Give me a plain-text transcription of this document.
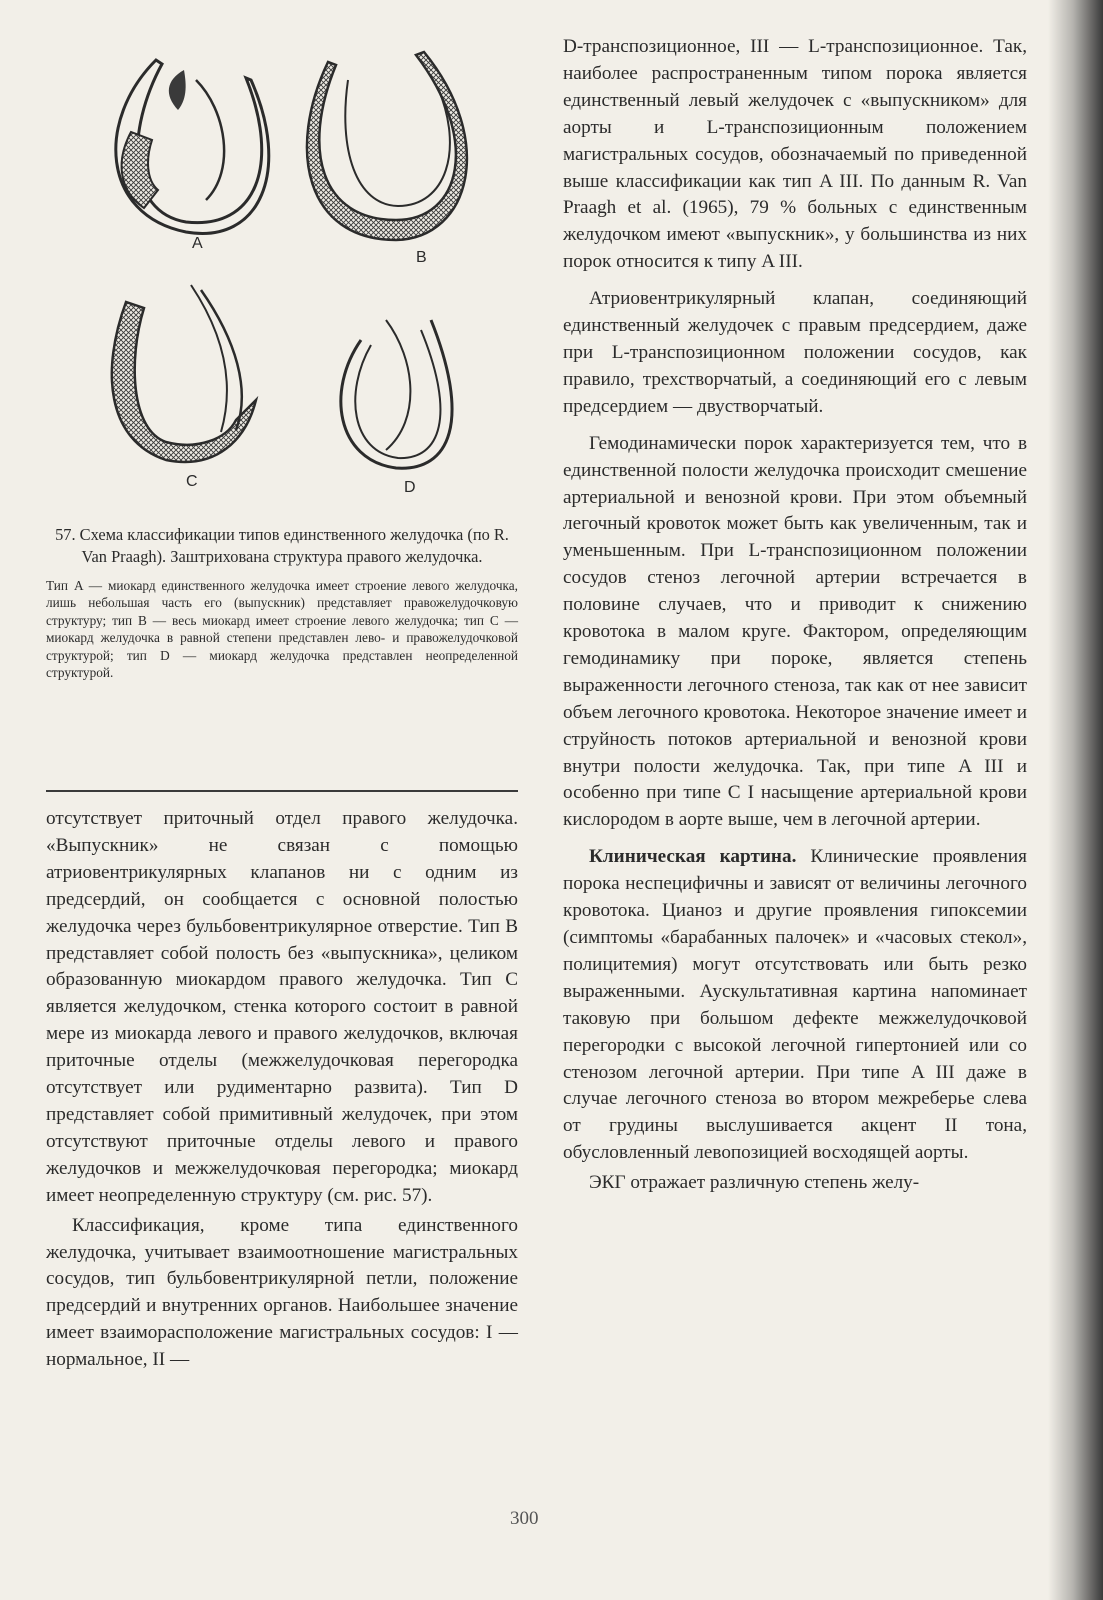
A
B
C	D
57. Схема классификации типов единственного желудочка (по R. Van Praagh). Заштрихована структура правого желудочка.
Тип A — миокард единственного желудочка имеет строение левого желудочка, лишь небольшая часть его (выпускник) представляет правожелудочковую структуру; тип B — весь миокард имеет строение левого желудочка; тип C — миокард желудочка в равной степени представлен лево- и правожелудочковой структурой; тип D — миокард желудочка представлен неопределенной структурой.

отсутствует приточный отдел правого желудочка. «Выпускник» не связан с помощью атриовентрикулярных клапанов ни с одним из предсердий, он сообщается с основной полостью желудочка через бульбовентрикулярное отверстие. Тип B представляет собой полость без «выпускника», целиком образованную миокардом правого желудочка. Тип C является желудочком, стенка которого состоит в равной мере из миокарда левого и правого желудочков, включая приточные отделы (межжелудочковая перегородка отсутствует или рудиментарно развита). Тип D представляет собой примитивный желудочек, при этом отсутствуют приточные отделы левого и правого желудочков и межжелудочковая перегородка; миокард имеет неопределенную структуру (см. рис. 57).

Классификация, кроме типа единственного желудочка, учитывает взаимоотношение магистральных сосудов, тип бульбовентрикулярной петли, положение предсердий и внутренних органов. Наибольшее значение имеет взаиморасположение магистральных сосудов: I — нормальное, II —

D-транспозиционное, III — L-транспозиционное. Так, наиболее распространенным типом порока является единственный левый желудочек с «выпускником» для аорты и L-транспозиционным положением магистральных сосудов, обозначаемый по приведенной выше классификации как тип A III. По данным R. Van Praagh et al. (1965), 79 % больных с единственным желудочком имеют «выпускник», у большинства из них порок относится к типу A III.

Атриовентрикулярный клапан, соединяющий единственный желудочек с правым предсердием, даже при L-транспозиционном положении сосудов, как правило, трехстворчатый, а соединяющий его с левым предсердием — двустворчатый.

Гемодинамически порок характеризуется тем, что в единственной полости желудочка происходит смешение артериальной и венозной крови. При этом объемный легочный кровоток может быть как увеличенным, так и уменьшенным. При L-транспозиционном положении сосудов стеноз легочной артерии встречается в половине случаев, что и приводит к снижению кровотока в малом круге. Фактором, определяющим гемодинамику при пороке, является степень выраженности легочного стеноза, так как от нее зависит объем легочного кровотока. Некоторое значение имеет и струйность потоков артериальной и венозной крови внутри полости желудочка. Так, при типе A III и особенно при типе C I насыщение артериальной крови кислородом в аорте выше, чем в легочной артерии.

Клиническая картина. Клинические проявления порока неспецифичны и зависят от величины легочного кровотока. Цианоз и другие проявления гипоксемии (симптомы «барабанных палочек» и «часовых стекол», полицитемия) могут отсутствовать или быть резко выраженными. Аускультативная картина напоминает таковую при большом дефекте межжелудочковой перегородки с высокой легочной гипертонией или со стенозом легочной артерии. При типе A III даже в случае легочного стеноза во втором межреберье слева от грудины выслушивается акцент II тона, обусловленный левопозицией восходящей аорты.

ЭКГ отражает различную степень желу-

300
